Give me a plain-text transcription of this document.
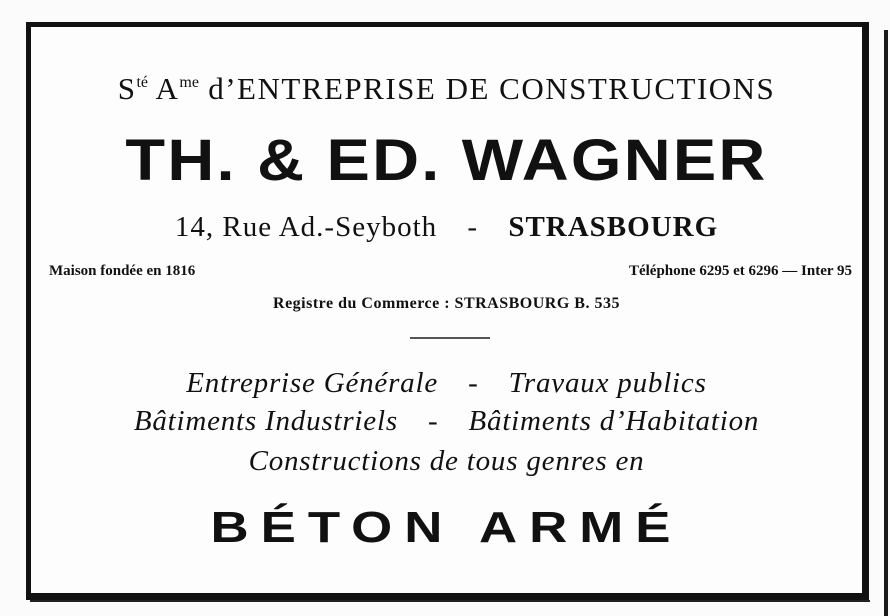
$S^{té}$ $A^{me}$ d’ENTREPRISE DE CONSTRUCTIONS
TH. & ED. WAGNER
14, Rue Ad.-Seyboth - STRASBOURG
Maison fondée en 1816	Téléphone 6295 et 6296 — Inter 95
Registre du Commerce : STRASBOURG B. 535
Entreprise Générale - Travaux publics
Bâtiments Industriels - Bâtiments d’Habitation
Constructions de tous genres en
BÉTON ARMÉ
